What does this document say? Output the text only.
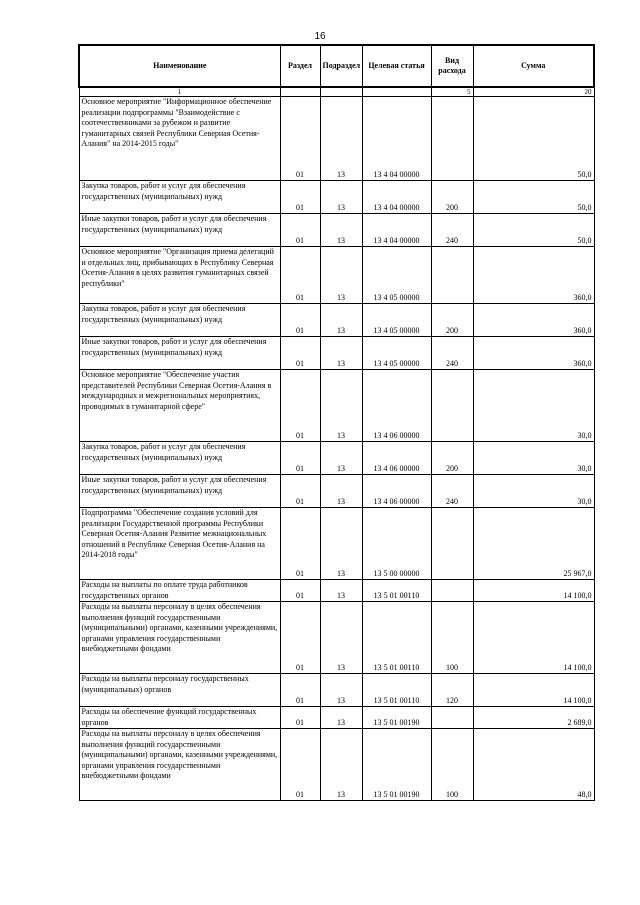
16
Наименование	Раздел	Подраздел	Целевая статья	Вид расхода	Сумма
1				5	20
Основное мероприятие "Информационное обеспечение реализации подпрограммы "Взаимодействие с соотечественниками за рубежом и развитие гуманитарных связей Республики Северная Осетия-Алания" на 2014-2015 годы"	01	13	13 4 04 00000		50,0
Закупка товаров, работ и услуг для обеспечения государственных (муниципальных) нужд	01	13	13 4 04 00000	200	50,0
Иные закупки товаров, работ и услуг для обеспечения государственных (муниципальных) нужд	01	13	13 4 04 00000	240	50,0
Основное мероприятие "Организация приема делегаций и отдельных лиц, прибывающих в Республику Северная Осетия-Алания в целях развития гуманитарных связей республики"	01	13	13 4 05 00000		360,0
Закупка товаров, работ и услуг для обеспечения государственных (муниципальных) нужд	01	13	13 4 05 00000	200	360,0
Иные закупки товаров, работ и услуг для обеспечения государственных (муниципальных) нужд	01	13	13 4 05 00000	240	360,0
Основное мероприятие "Обеспечение участия представителей Республики Северная Осетия-Алания в международных и межрегиональных мероприятиях, проводимых в гуманитарной сфере"	01	13	13 4 06 00000		30,0
Закупка товаров, работ и услуг для обеспечения государственных (муниципальных) нужд	01	13	13 4 06 00000	200	30,0
Иные закупки товаров, работ и услуг для обеспечения государственных (муниципальных) нужд	01	13	13 4 06 00000	240	30,0
Подпрограмма "Обеспечение создания условий для реализации Государственной программы Республики Северная Осетия-Алания Развитие межнациональных отношений в Республике Северная Осетия-Алания на 2014-2018 годы"	01	13	13 5 00 00000		25 967,0
Расходы на выплаты по оплате труда работников государственных органов	01	13	13 5 01 00110		14 100,0
Расходы на выплаты персоналу в целях обеспечения выполнения функций государственными (муниципальными) органами, казенными учреждениями, органами управления государственными внебюджетными фондами	01	13	13 5 01 00110	100	14 100,0
Расходы на выплаты персоналу государственных (муниципальных) органов	01	13	13 5 01 00110	120	14 100,0
Расходы на обеспечение функций государственных органов	01	13	13 5 01 00190		2 689,0
Расходы на выплаты персоналу в целях обеспечения выполнения функций государственными (муниципальными) органами, казенными учреждениями, органами управления государственными внебюджетными фондами	01	13	13 5 01 00190	100	48,0
